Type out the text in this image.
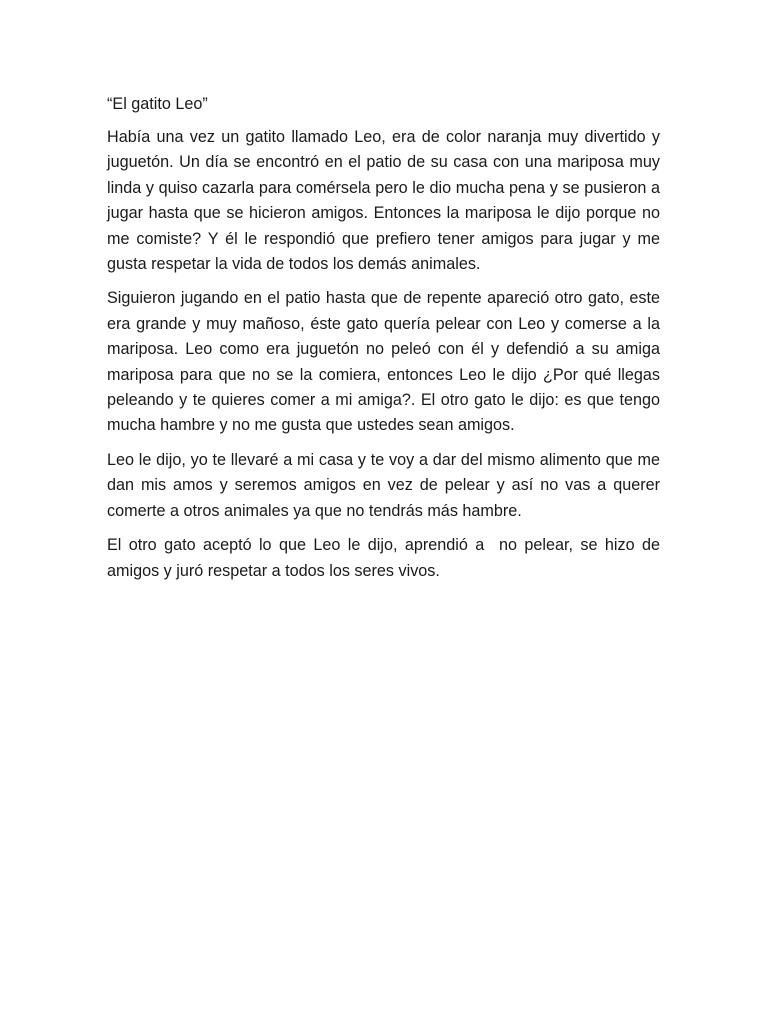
“El gatito Leo”

Había una vez un gatito llamado Leo, era de color naranja muy divertido y juguetón. Un día se encontró en el patio de su casa con una mariposa muy linda y quiso cazarla para comérsela pero le dio mucha pena y se pusieron a jugar hasta que se hicieron amigos. Entonces la mariposa le dijo porque no me comiste? Y él le respondió que prefiero tener amigos para jugar y me gusta respetar la vida de todos los demás animales.

Siguieron jugando en el patio hasta que de repente apareció otro gato, este era grande y muy mañoso, éste gato quería pelear con Leo y comerse a la mariposa. Leo como era juguetón no peleó con él y defendió a su amiga mariposa para que no se la comiera, entonces Leo le dijo ¿Por qué llegas peleando y te quieres comer a mi amiga?. El otro gato le dijo: es que tengo mucha hambre y no me gusta que ustedes sean amigos.

Leo le dijo, yo te llevaré a mi casa y te voy a dar del mismo alimento que me dan mis amos y seremos amigos en vez de pelear y así no vas a querer comerte a otros animales ya que no tendrás más hambre.

El otro gato aceptó lo que Leo le dijo, aprendió a  no pelear, se hizo de amigos y juró respetar a todos los seres vivos.
